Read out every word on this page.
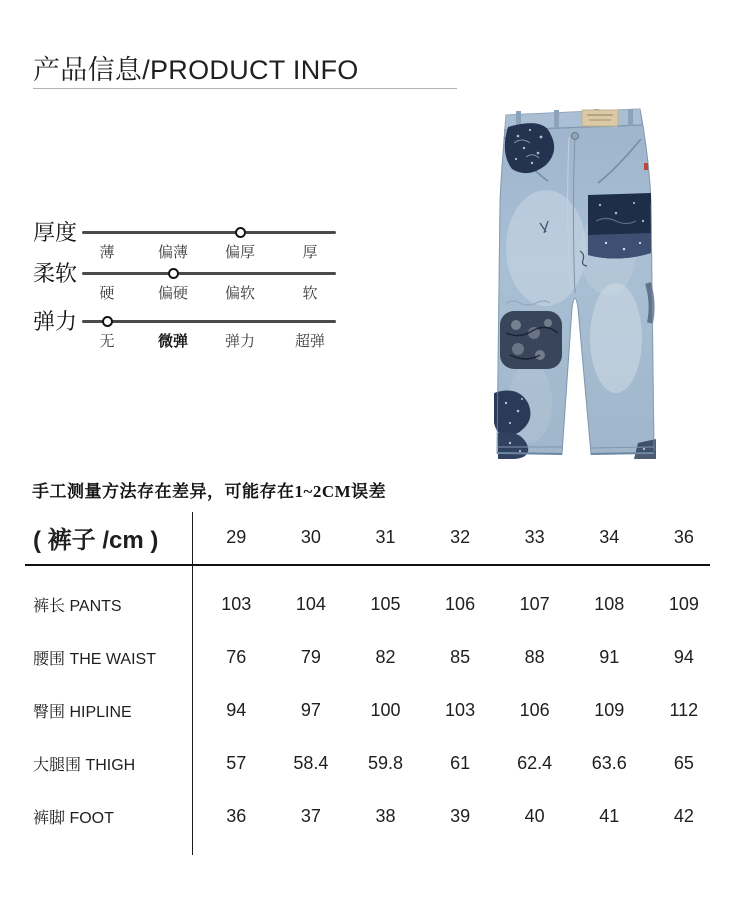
产品信息/PRODUCT INFO
厚度
薄	偏薄 偏厚	厚
柔软
硬	偏硬 偏软	软
弹力
无	微弹 弹力	超弹
手工测量方法存在差异，可能存在1~2CM误差
( 裤子 /cm )	29	30	31	32	33	34	36
裤长 PANTS	103	104	105	106	107	108	109
腰围 THE WAIST	76	79	82	85	88	91	94
臀围 HIPLINE	94	97	100	103	106	109	112
大腿围 THIGH	57	58.4	59.8	61	62.4	63.6	65
裤脚 FOOT	36	37	38	39	40	41	42
